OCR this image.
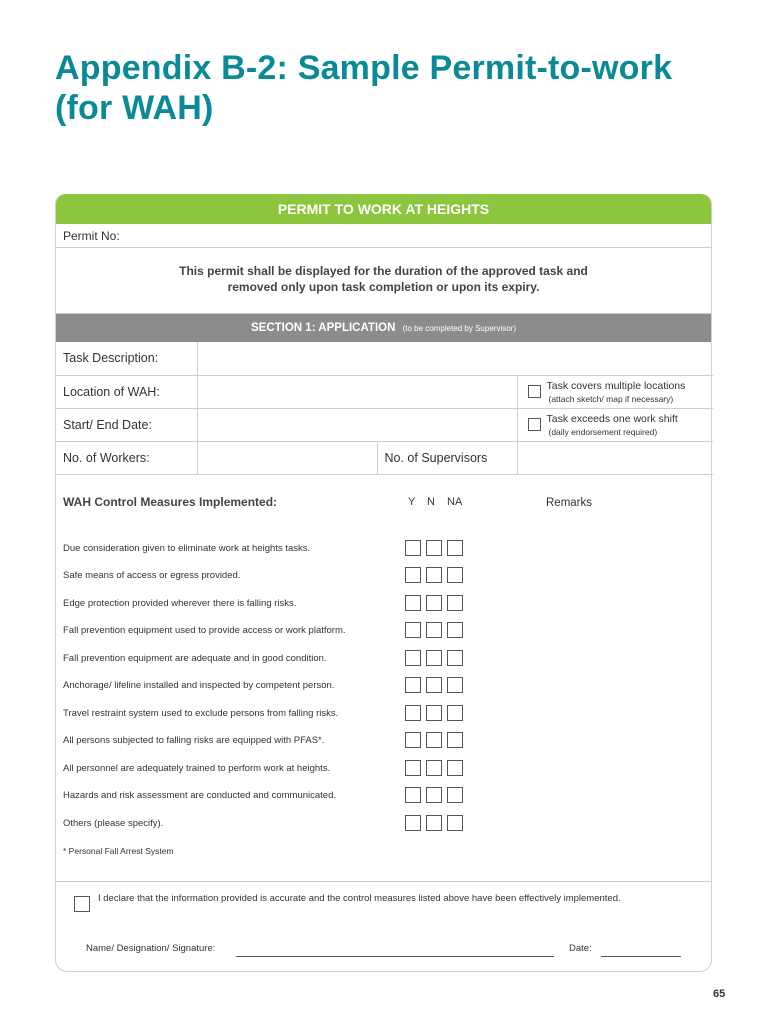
Appendix B-2: Sample Permit-to-work
(for WAH)
PERMIT TO WORK AT HEIGHTS
Permit No:
This permit shall be displayed for the duration of the approved task and
removed only upon task completion or upon its expiry.
SECTION 1: APPLICATION (to be completed by Supervisor)
Task Description:			
Location of WAH:			Task covers multiple locations
(attach sketch/ map if necessary)

Start/ End Date:			Task exceeds one work shift
(daily endorsement required)

No. of Workers:		No. of Supervisors	
WAH Control Measures Implemented:	Y N NA	Remarks
Due consideration given to eliminate work at heights tasks.
Safe means of access or egress provided.
Edge protection provided wherever there is falling risks.
Fall prevention equipment used to provide access or work platform.
Fall prevention equipment are adequate and in good condition.
Anchorage/ lifeline installed and inspected by competent person.
Travel restraint system used to exclude persons from falling risks.
All persons subjected to falling risks are equipped with PFAS*.
All personnel are adequately trained to perform work at heights.
Hazards and risk assessment are conducted and communicated.
Others (please specify).
* Personal Fall Arrest System
I declare that the information provided is accurate and the control measures listed above have been effectively implemented.
Name/ Designation/ Signature:	Date:
65
